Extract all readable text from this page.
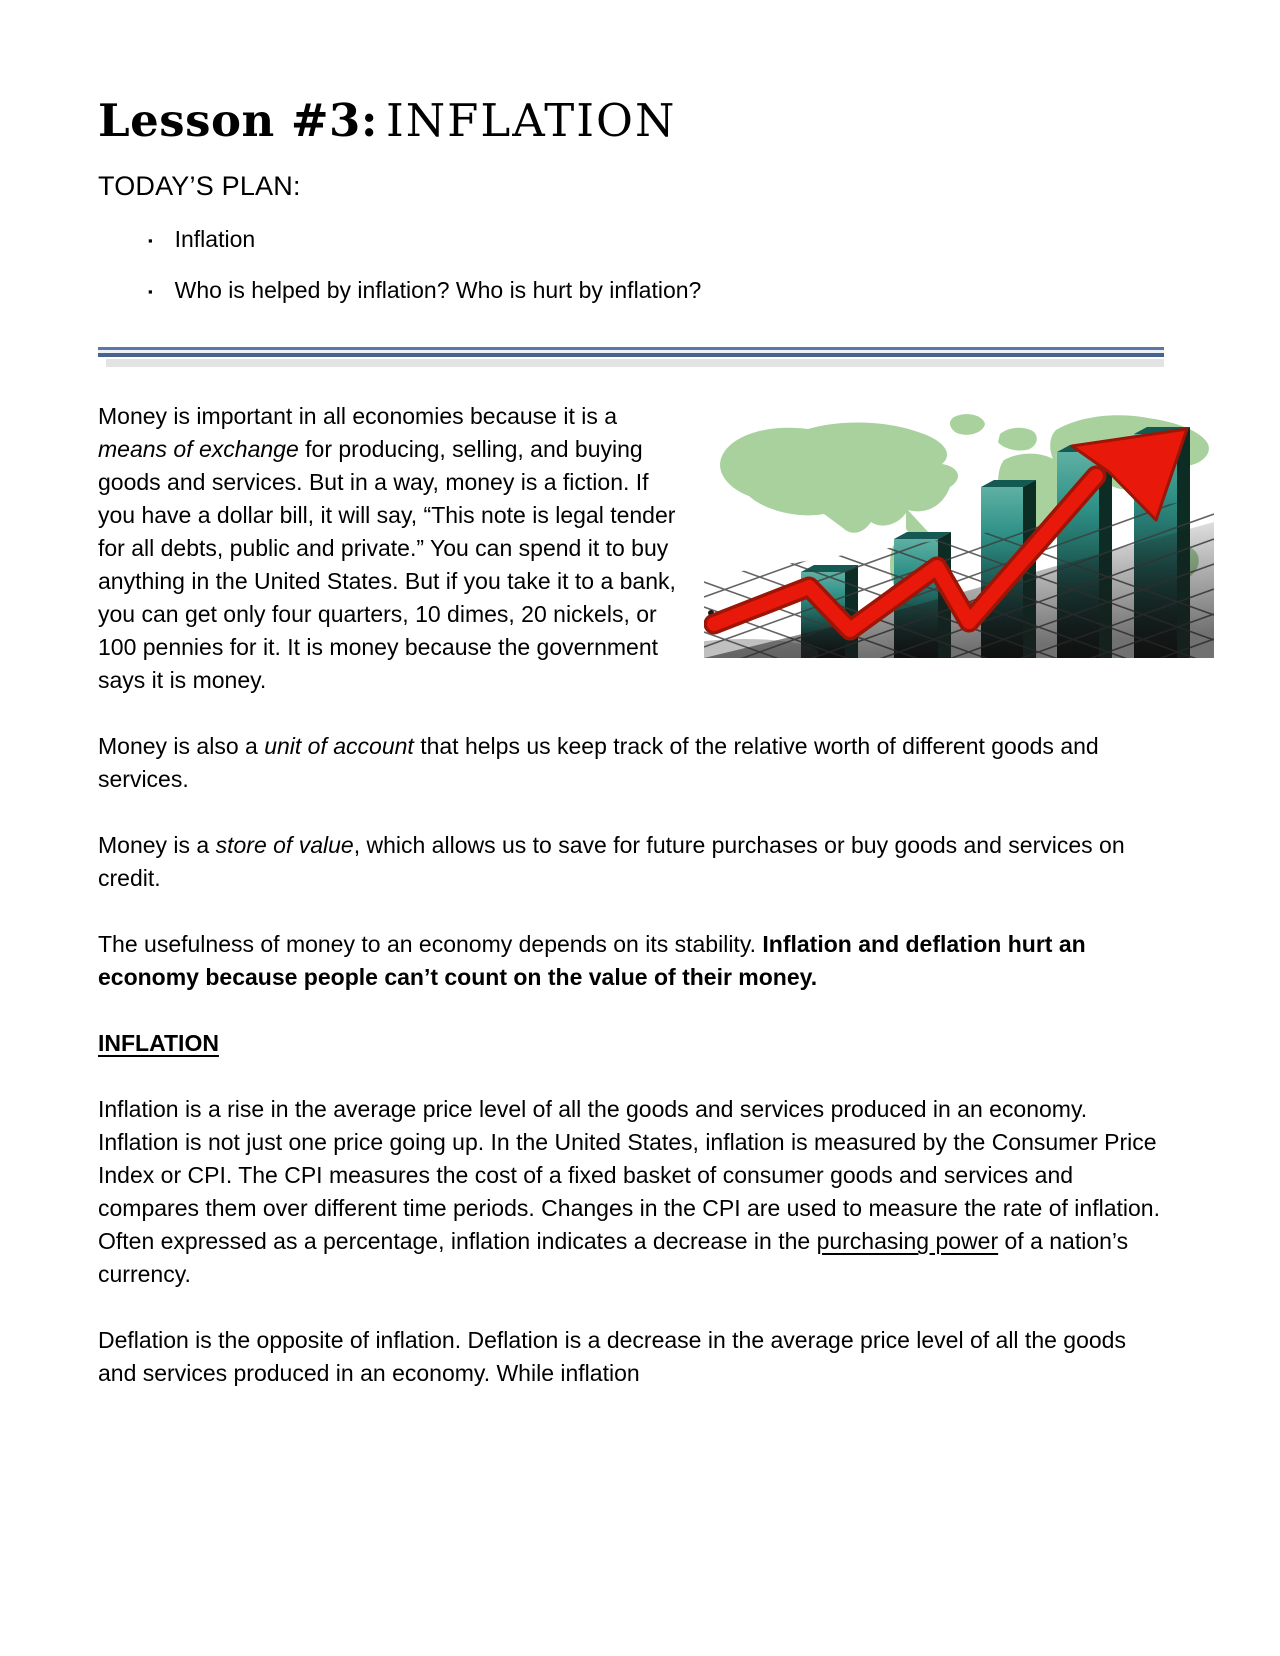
Lesson #3: INFLATION
TODAY’S PLAN:
▪ Inflation
▪ Who is helped by inflation? Who is hurt by inflation?

Money is important in all economies because it is a means of exchange for producing, selling, and buying goods and services. But in a way, money is a fiction. If you have a dollar bill, it will say, “This note is legal tender for all debts, public and private.” You can spend it to buy anything in the United States. But if you take it to a bank, you can get only four quarters, 10 dimes, 20 nickels, or 100 pennies for it. It is money because the government says it is money.

Money is also a unit of account that helps us keep track of the relative worth of different goods and services.

Money is a store of value, which allows us to save for future purchases or buy goods and services on credit.

The usefulness of money to an economy depends on its stability. Inflation and deflation hurt an economy because people can’t count on the value of their money.

INFLATION

Inflation is a rise in the average price level of all the goods and services produced in an economy. Inflation is not just one price going up. In the United States, inflation is measured by the Consumer Price Index or CPI. The CPI measures the cost of a fixed basket of consumer goods and services and compares them over different time periods. Changes in the CPI are used to measure the rate of inflation. Often expressed as a percentage, inflation indicates a decrease in the purchasing power of a nation’s currency.

Deflation is the opposite of inflation. Deflation is a decrease in the average price level of all the goods and services produced in an economy. While inflation
